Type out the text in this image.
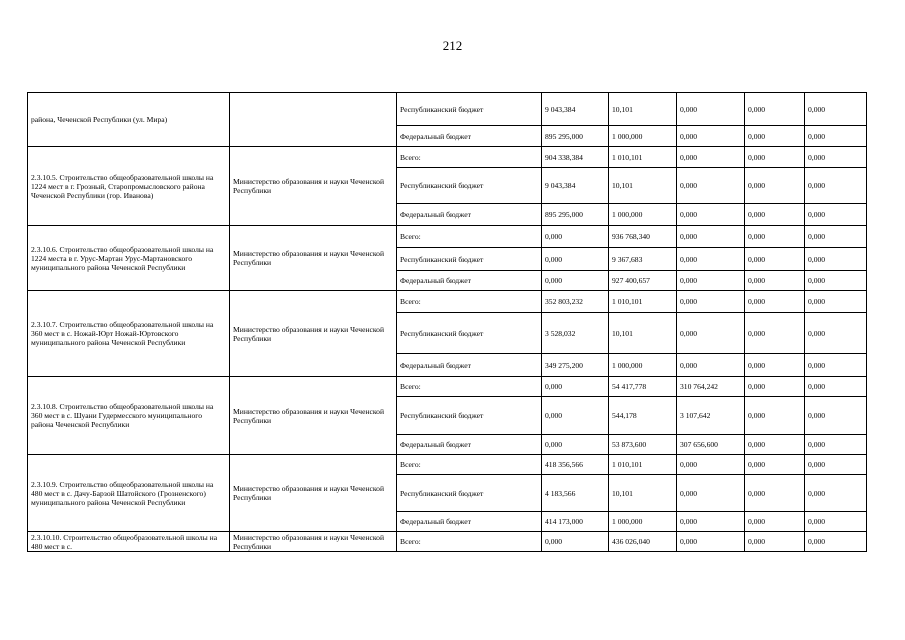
212
района, Чеченской Республики (ул. Мира)		Республиканский бюджет	9 043,384	10,101	0,000	0,000	0,000
		Федеральный бюджет	895 295,000	1 000,000	0,000	0,000	0,000
2.3.10.5. Строительство общеобразовательной школы на 1224 мест в г. Грозный, Старопромысловского района Чеченской Республики (гор. Иванова)	Министерство образования и науки Чеченской Республики	Всего:	904 338,384	1 010,101	0,000	0,000	0,000
		Республиканский бюджет	9 043,384	10,101	0,000	0,000	0,000
		Федеральный бюджет	895 295,000	1 000,000	0,000	0,000	0,000
2.3.10.6. Строительство общеобразовательной школы на 1224 места в г. Урус-Мартан Урус-Мартановского муниципального района Чеченской Республики	Министерство образования и науки Чеченской Республики	Всего:	0,000	936 768,340	0,000	0,000	0,000
		Республиканский бюджет	0,000	9 367,683	0,000	0,000	0,000
		Федеральный бюджет	0,000	927 400,657	0,000	0,000	0,000
2.3.10.7. Строительство общеобразовательной школы на 360 мест в с. Ножай-Юрт Ножай-Юртовского муниципального района Чеченской Республики	Министерство образования и науки Чеченской Республики	Всего:	352 803,232	1 010,101	0,000	0,000	0,000
		Республиканский бюджет	3 528,032	10,101	0,000	0,000	0,000
		Федеральный бюджет	349 275,200	1 000,000	0,000	0,000	0,000
2.3.10.8. Строительство общеобразовательной школы на 360 мест в с. Шуани Гудермесского муниципального района Чеченской Республики	Министерство образования и науки Чеченской Республики	Всего:	0,000	54 417,778	310 764,242	0,000	0,000
		Республиканский бюджет	0,000	544,178	3 107,642	0,000	0,000
		Федеральный бюджет	0,000	53 873,600	307 656,600	0,000	0,000
2.3.10.9. Строительство общеобразовательной школы на 480 мест в с. Дачу-Барзой Шатойского (Грозненского) муниципального района Чеченской Республики	Министерство образования и науки Чеченской Республики	Всего:	418 356,566	1 010,101	0,000	0,000	0,000
		Республиканский бюджет	4 183,566	10,101	0,000	0,000	0,000
		Федеральный бюджет	414 173,000	1 000,000	0,000	0,000	0,000
2.3.10.10. Строительство общеобразовательной школы на 480 мест в с.	Министерство образования и науки Чеченской Республики	Всего:	0,000	436 026,040	0,000	0,000	0,000
